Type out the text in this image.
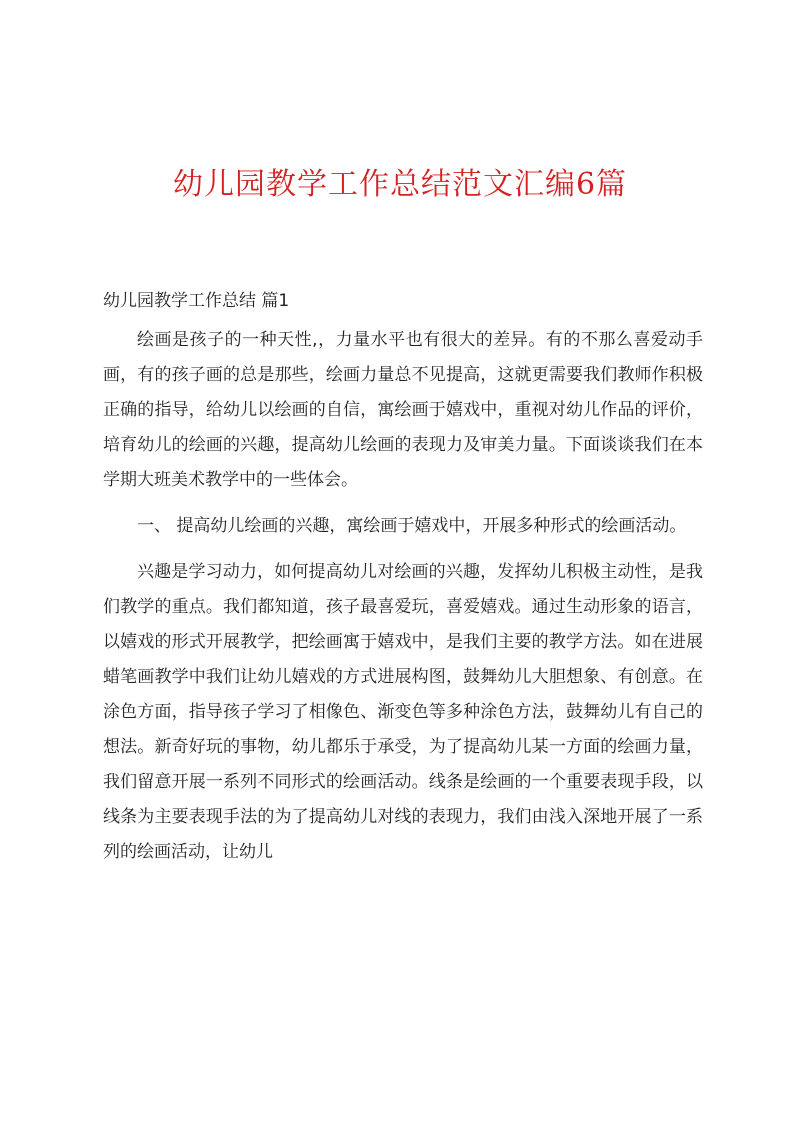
幼儿园教学工作总结范文汇编6篇
幼儿园教学工作总结 篇1

绘画是孩子的一种天性,，力量水平也有很大的差异。有的不那么喜爱动手画，有的孩子画的总是那些，绘画力量总不见提高，这就更需要我们教师作积极正确的指导，给幼儿以绘画的自信，寓绘画于嬉戏中，重视对幼儿作品的评价，培育幼儿的绘画的兴趣，提高幼儿绘画的表现力及审美力量。下面谈谈我们在本学期大班美术教学中的一些体会。

一、 提高幼儿绘画的兴趣，寓绘画于嬉戏中，开展多种形式的绘画活动。

兴趣是学习动力，如何提高幼儿对绘画的兴趣，发挥幼儿积极主动性，是我们教学的重点。我们都知道，孩子最喜爱玩，喜爱嬉戏。通过生动形象的语言，以嬉戏的形式开展教学，把绘画寓于嬉戏中，是我们主要的教学方法。如在进展蜡笔画教学中我们让幼儿嬉戏的方式进展构图，鼓舞幼儿大胆想象、有创意。在涂色方面，指导孩子学习了相像色、渐变色等多种涂色方法，鼓舞幼儿有自己的想法。新奇好玩的事物，幼儿都乐于承受，为了提高幼儿某一方面的绘画力量，我们留意开展一系列不同形式的绘画活动。线条是绘画的一个重要表现手段，以线条为主要表现手法的为了提高幼儿对线的表现力，我们由浅入深地开展了一系列的绘画活动，让幼儿
